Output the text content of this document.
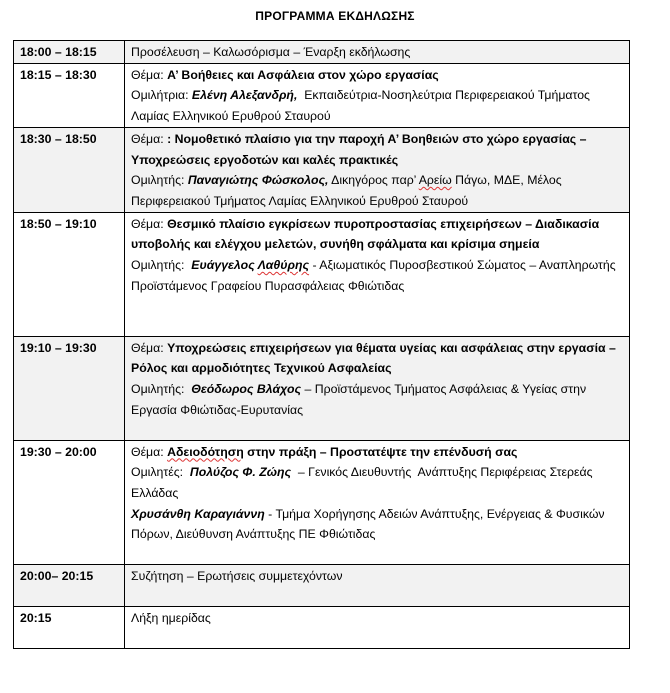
ΠΡΟΓΡΑΜΜΑ ΕΚΔΗΛΩΣΗΣ
18:00 – 18:15	Προσέλευση – Καλωσόρισμα – Έναρξη εκδήλωσης
18:15 – 18:30	Θέμα: Α’ Βοήθειες και Ασφάλεια στον χώρο εργασίας
Ομιλήτρια: Ελένη Αλεξανδρή,  Εκπαιδεύτρια-Νοσηλεύτρια Περιφερειακού Τμήματος Λαμίας Ελληνικού Ερυθρού Σταυρού

18:30 – 18:50	Θέμα: : Νομοθετικό πλαίσιο για την παροχή Α’ Βοηθειών στο χώρο εργασίας – Υποχρεώσεις εργοδοτών και καλές πρακτικές
Ομιλητής: Παναγιώτης Φώσκολος, Δικηγόρος παρ’ Αρείω Πάγω, ΜΔΕ, Μέλος Περιφερειακού Τμήματος Λαμίας Ελληνικού Ερυθρού Σταυρού

18:50 – 19:10	Θέμα: Θεσμικό πλαίσιο εγκρίσεων πυροπροστασίας επιχειρήσεων – Διαδικασία υποβολής και ελέγχου μελετών, συνήθη σφάλματα και κρίσιμα σημεία
Ομιλητής:  Ευάγγελος Λαθύρης - Αξιωματικός Πυροσβεστικού Σώματος – Αναπληρωτής Προϊστάμενος Γραφείου Πυρασφάλειας Φθιώτιδας

19:10 – 19:30	Θέμα: Υποχρεώσεις επιχειρήσεων για θέματα υγείας και ασφάλειας στην εργασία – Ρόλος και αρμοδιότητες Τεχνικού Ασφαλείας
Ομιλητής:  Θεόδωρος Βλάχος – Προϊστάμενος Τμήματος Ασφάλειας & Υγείας στην Εργασία Φθιώτιδας-Ευρυτανίας

19:30 – 20:00	Θέμα: Αδειοδότηση στην πράξη – Προστατέψτε την επένδυσή σας
Ομιλητές:  Πολύζος Φ. Ζώης  – Γενικός Διευθυντής  Ανάπτυξης Περιφέρειας Στερεάς Ελλάδας
Χρυσάνθη Καραγιάννη - Τμήμα Χορήγησης Αδειών Ανάπτυξης, Ενέργειας & Φυσικών Πόρων, Διεύθυνση Ανάπτυξης ΠΕ Φθιώτιδας

20:00– 20:15	Συζήτηση – Ερωτήσεις συμμετεχόντων
20:15	Λήξη ημερίδας
